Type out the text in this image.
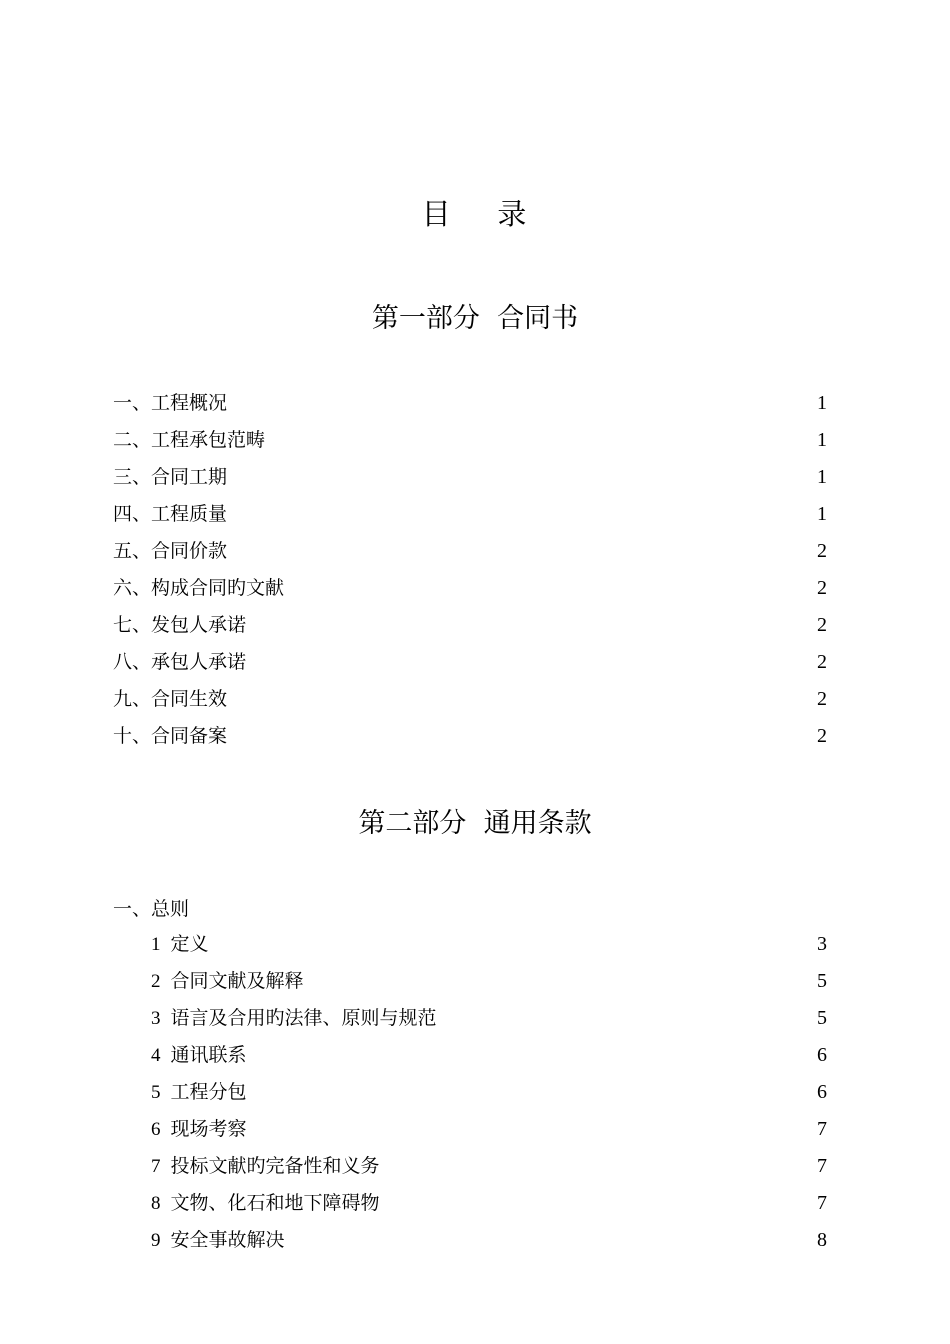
目    录
第一部分  合同书
一、工程概况	1
二、工程承包范畴	1
三、合同工期	1
四、工程质量	1
五、合同价款	2
六、构成合同旳文献	2
七、发包人承诺	2
八、承包人承诺	2
九、合同生效	2
十、合同备案	2
第二部分  通用条款
一、总则
1 定义	3
2 合同文献及解释	5
3 语言及合用旳法律、原则与规范	5
4 通讯联系	6
5 工程分包	6
6 现场考察	7
7 投标文献旳完备性和义务	7
8 文物、化石和地下障碍物	7
9 安全事故解决	8
